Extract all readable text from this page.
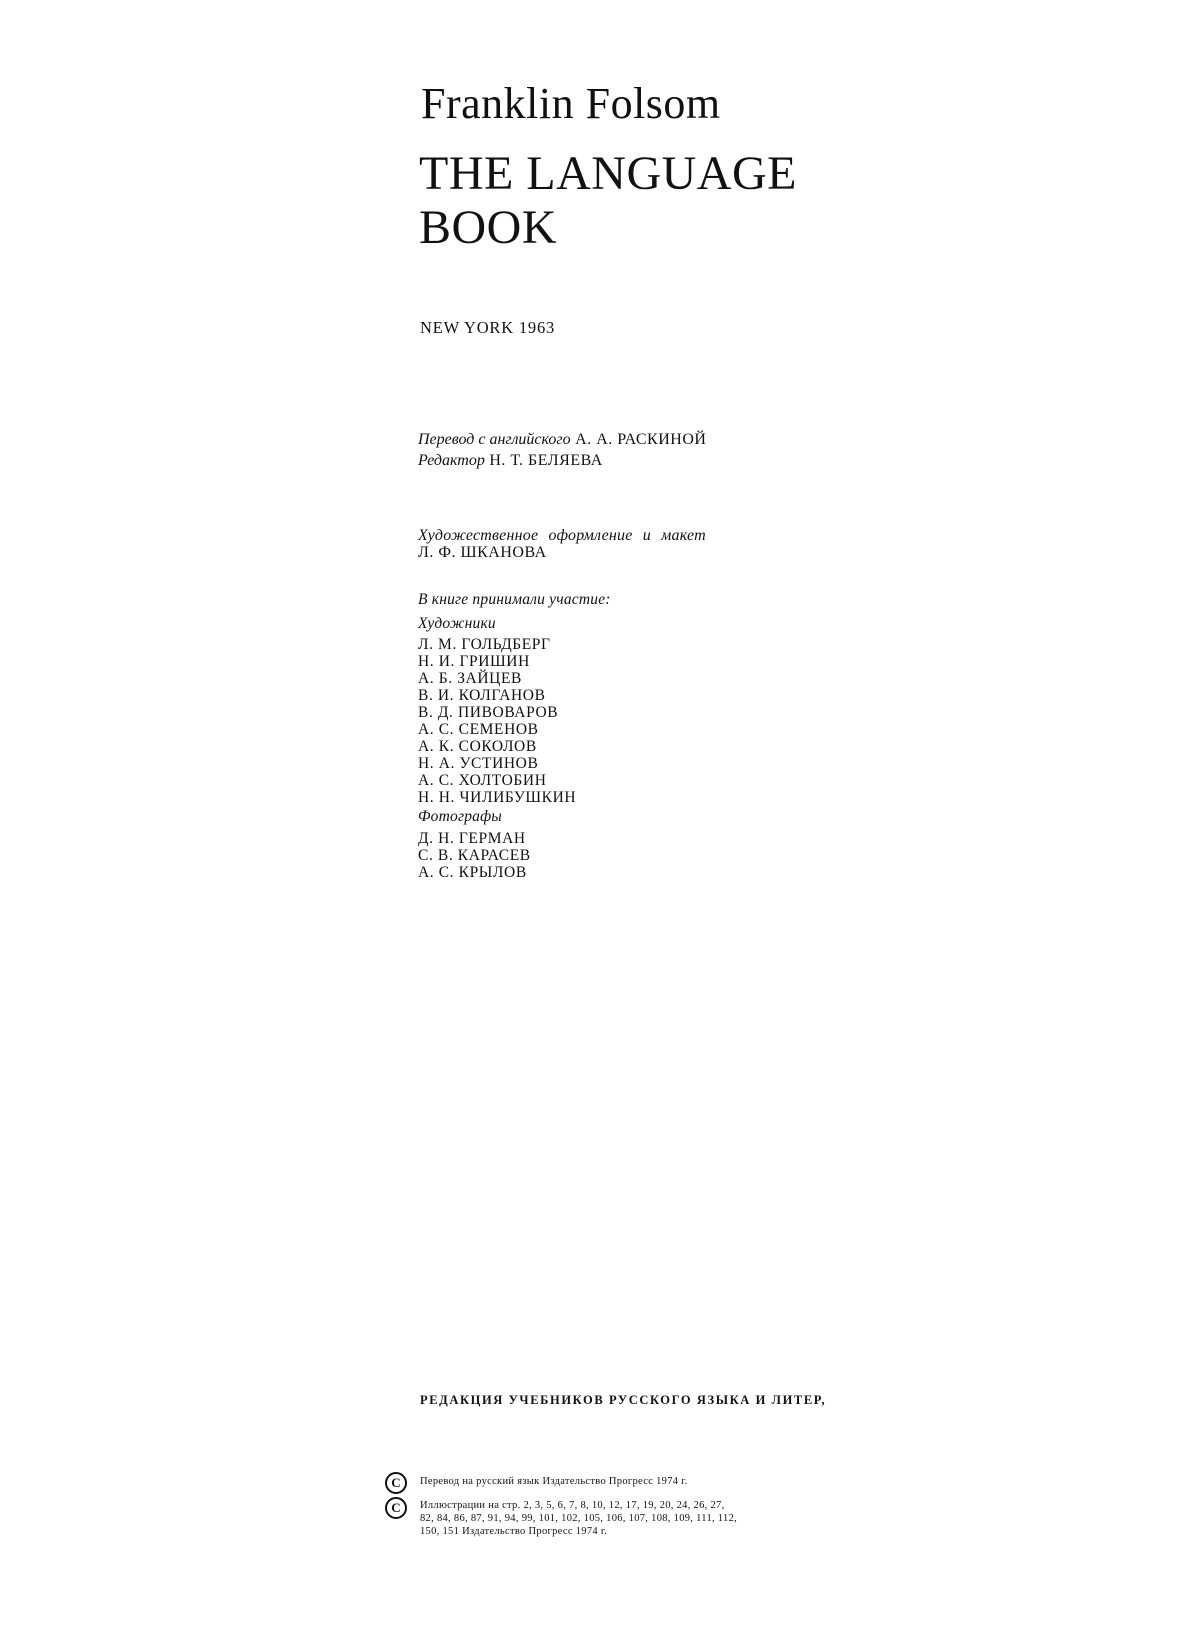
Franklin Folsom
THE LANGUAGE
BOOK
NEW YORK 1963
Перевод с английского А. А. РАСКИНОЙ
Редактор Н. Т. БЕЛЯЕВА
Художественное оформление и макет
Л. Ф. ШКАНОВА
В книге принимали участие:
Художники
Л. М. ГОЛЬДБЕРГ
Н. И. ГРИШИН
А. Б. ЗАЙЦЕВ
В. И. КОЛГАНОВ
В. Д. ПИВОВАРОВ
А. С. СЕМЕНОВ
А. К. СОКОЛОВ
Н. А. УСТИНОВ
А. С. ХОЛТОБИН
Н. Н. ЧИЛИБУШКИН
Фотографы
Д. Н. ГЕРМАН
С. В. КАРАСЕВ
А. С. КРЫЛОВ
РЕДАКЦИЯ УЧЕБНИКОВ РУССКОГО ЯЗЫКА И ЛИТЕР,
C
C
Перевод на русский язык Издательство Прогресс 1974 г.
Иллюстрации на стр. 2, 3, 5, 6, 7, 8, 10, 12, 17, 19, 20, 24, 26, 27,
82, 84, 86, 87, 91, 94, 99, 101, 102, 105, 106, 107, 108, 109, 111, 112,
150, 151 Издательство Прогресс 1974 г.
